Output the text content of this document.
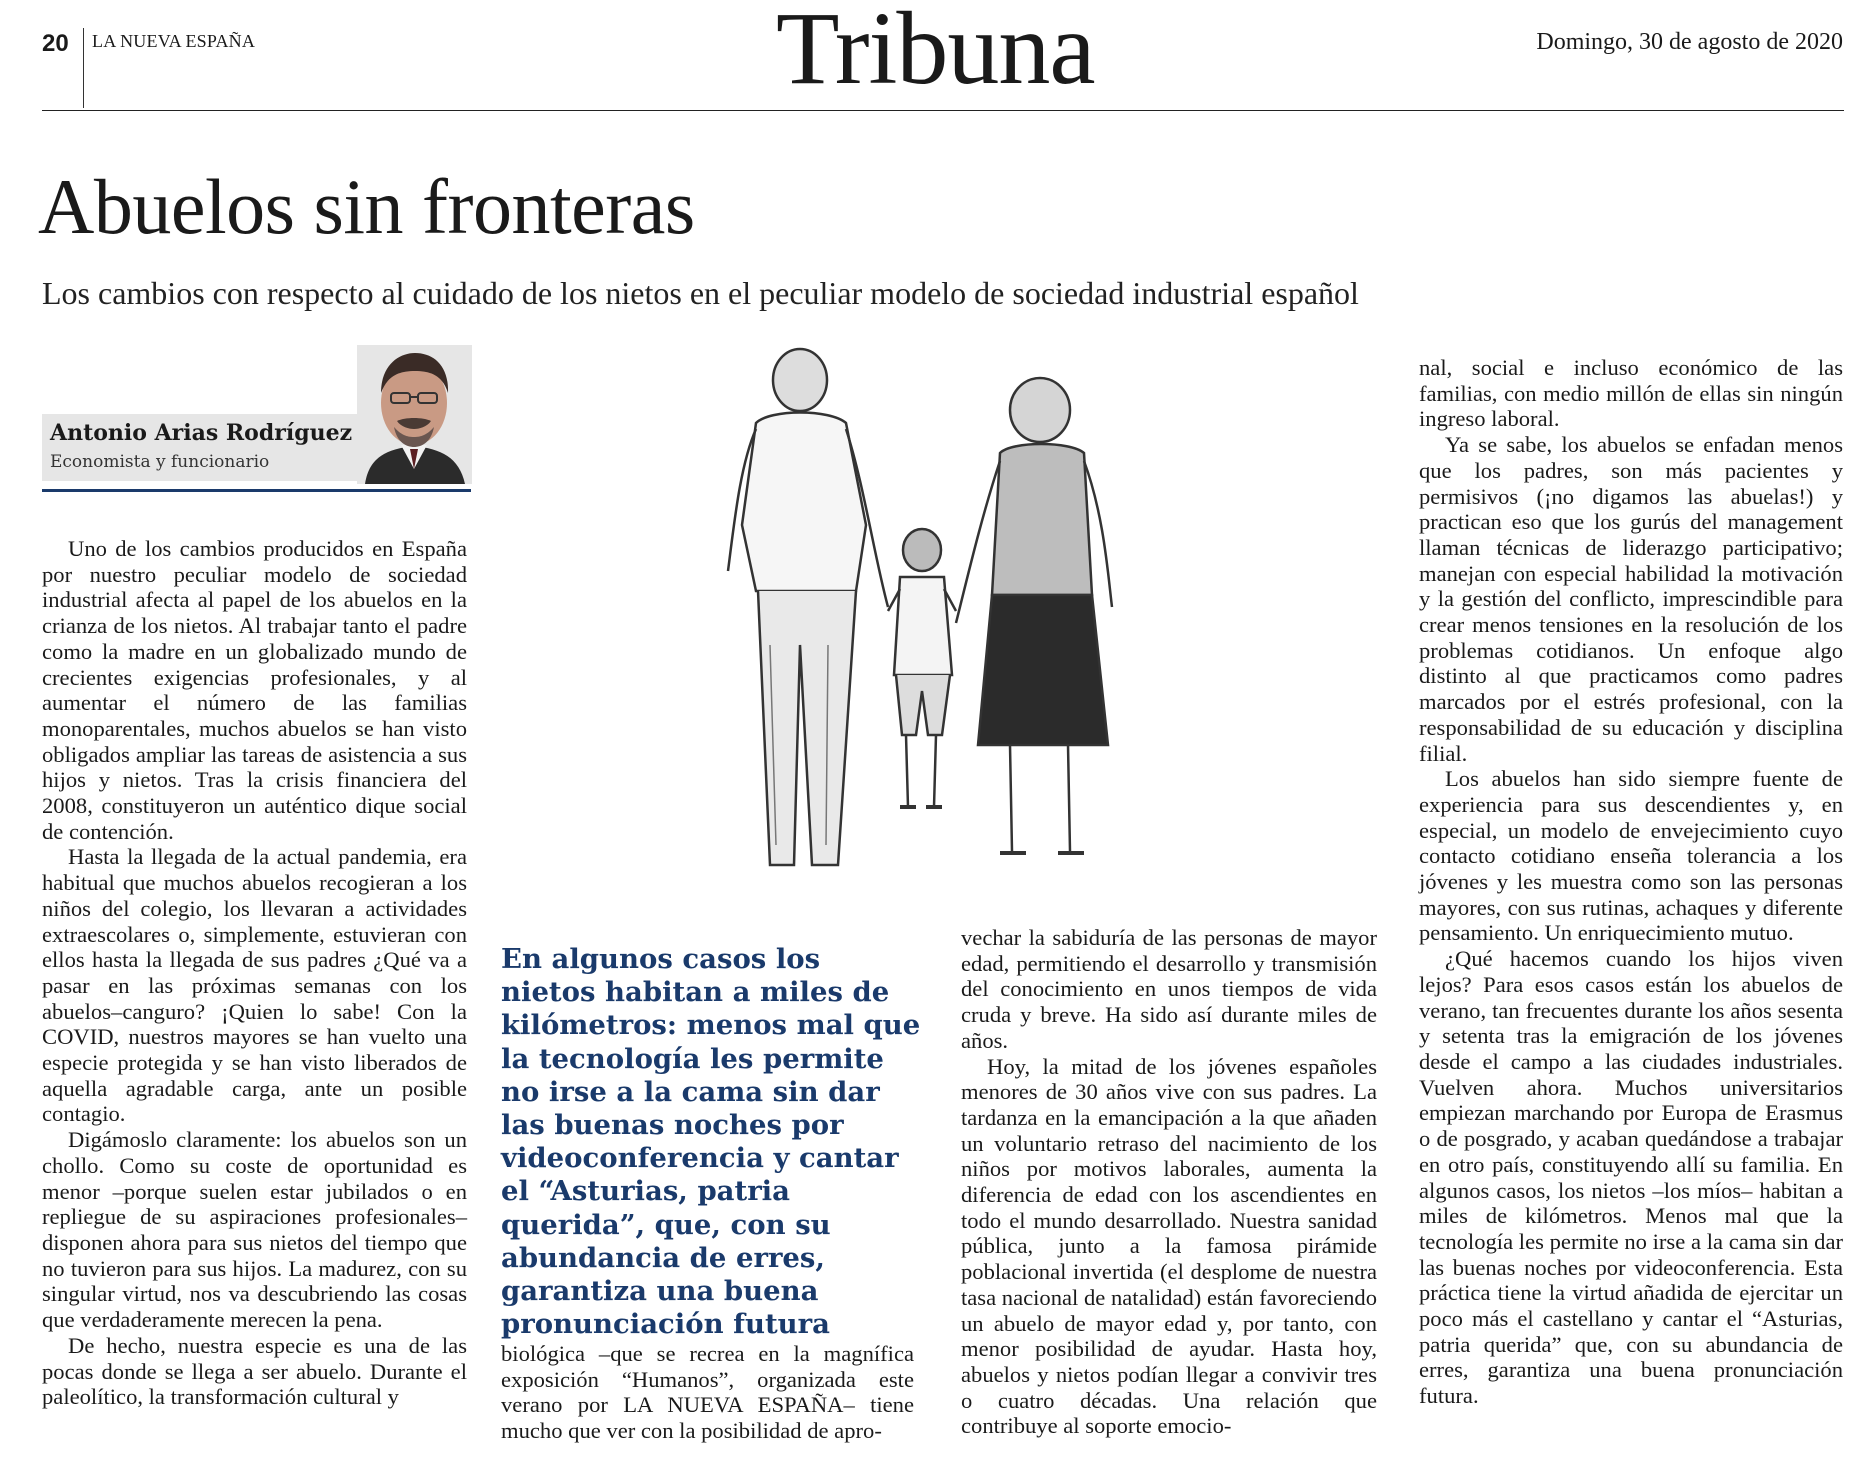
20 LA NUEVA ESPAÑA	Tribuna	Domingo, 30 de agosto de 2020
Abuelos sin fronteras
Los cambios con respecto al cuidado de los nietos en el peculiar modelo de sociedad industrial español
Antonio Arias Rodríguez
Economista y funcionario

Uno de los cambios producidos en España por nuestro peculiar modelo de sociedad industrial afecta al papel de los abuelos en la crianza de los nietos. Al trabajar tanto el padre como la madre en un globalizado mundo de crecientes exigencias profesionales, y al aumentar el número de las familias monoparentales, muchos abuelos se han visto obligados ampliar las tareas de asistencia a sus hijos y nietos. Tras la crisis financiera del 2008, constituyeron un auténtico dique social de contención.

Hasta la llegada de la actual pandemia, era habitual que muchos abuelos recogieran a los niños del colegio, los llevaran a actividades extraescolares o, simplemente, estuvieran con ellos hasta la llegada de sus padres ¿Qué va a pasar en las próximas semanas con los abuelos–canguro? ¡Quien lo sabe! Con la COVID, nuestros mayores se han vuelto una especie protegida y se han visto liberados de aquella agradable carga, ante un posible contagio.

Digámoslo claramente: los abuelos son un chollo. Como su coste de oportunidad es menor –porque suelen estar jubilados o en repliegue de su aspiraciones profesionales– disponen ahora para sus nietos del tiempo que no tuvieron para sus hijos. La madurez, con su singular virtud, nos va descubriendo las cosas que verdaderamente merecen la pena.

De hecho, nuestra especie es una de las pocas donde se llega a ser abuelo. Durante el paleolítico, la transformación cultural y

En algunos casos los nietos habitan a miles de kilómetros: menos mal que la tecnología les permite no irse a la cama sin dar las buenas noches por videoconferencia y cantar el “Asturias, patria querida”, que, con su abundancia de erres, garantiza una buena pronunciación futura

biológica –que se recrea en la magnífica exposición “Humanos”, organizada este verano por LA NUEVA ESPAÑA– tiene mucho que ver con la posibilidad de apro-

vechar la sabiduría de las personas de mayor edad, permitiendo el desarrollo y transmisión del conocimiento en unos tiempos de vida cruda y breve. Ha sido así durante miles de años.

Hoy, la mitad de los jóvenes españoles menores de 30 años vive con sus padres. La tardanza en la emancipación a la que añaden un voluntario retraso del nacimiento de los niños por motivos laborales, aumenta la diferencia de edad con los ascendientes en todo el mundo desarrollado. Nuestra sanidad pública, junto a la famosa pirámide poblacional invertida (el desplome de nuestra tasa nacional de natalidad) están favoreciendo un abuelo de mayor edad y, por tanto, con menor posibilidad de ayudar. Hasta hoy, abuelos y nietos podían llegar a convivir tres o cuatro décadas. Una relación que contribuye al soporte emocio-

nal, social e incluso económico de las familias, con medio millón de ellas sin ningún ingreso laboral.

Ya se sabe, los abuelos se enfadan menos que los padres, son más pacientes y permisivos (¡no digamos las abuelas!) y practican eso que los gurús del management llaman técnicas de liderazgo participativo; manejan con especial habilidad la motivación y la gestión del conflicto, imprescindible para crear menos tensiones en la resolución de los problemas cotidianos. Un enfoque algo distinto al que practicamos como padres marcados por el estrés profesional, con la responsabilidad de su educación y disciplina filial.

Los abuelos han sido siempre fuente de experiencia para sus descendientes y, en especial, un modelo de envejecimiento cuyo contacto cotidiano enseña tolerancia a los jóvenes y les muestra como son las personas mayores, con sus rutinas, achaques y diferente pensamiento. Un enriquecimiento mutuo.

¿Qué hacemos cuando los hijos viven lejos? Para esos casos están los abuelos de verano, tan frecuentes durante los años sesenta y setenta tras la emigración de los jóvenes desde el campo a las ciudades industriales. Vuelven ahora. Muchos universitarios empiezan marchando por Europa de Erasmus o de posgrado, y acaban quedándose a trabajar en otro país, constituyendo allí su familia. En algunos casos, los nietos –los míos– habitan a miles de kilómetros. Menos mal que la tecnología les permite no irse a la cama sin dar las buenas noches por videoconferencia. Esta práctica tiene la virtud añadida de ejercitar un poco más el castellano y cantar el “Asturias, patria querida” que, con su abundancia de erres, garantiza una buena pronunciación futura.
